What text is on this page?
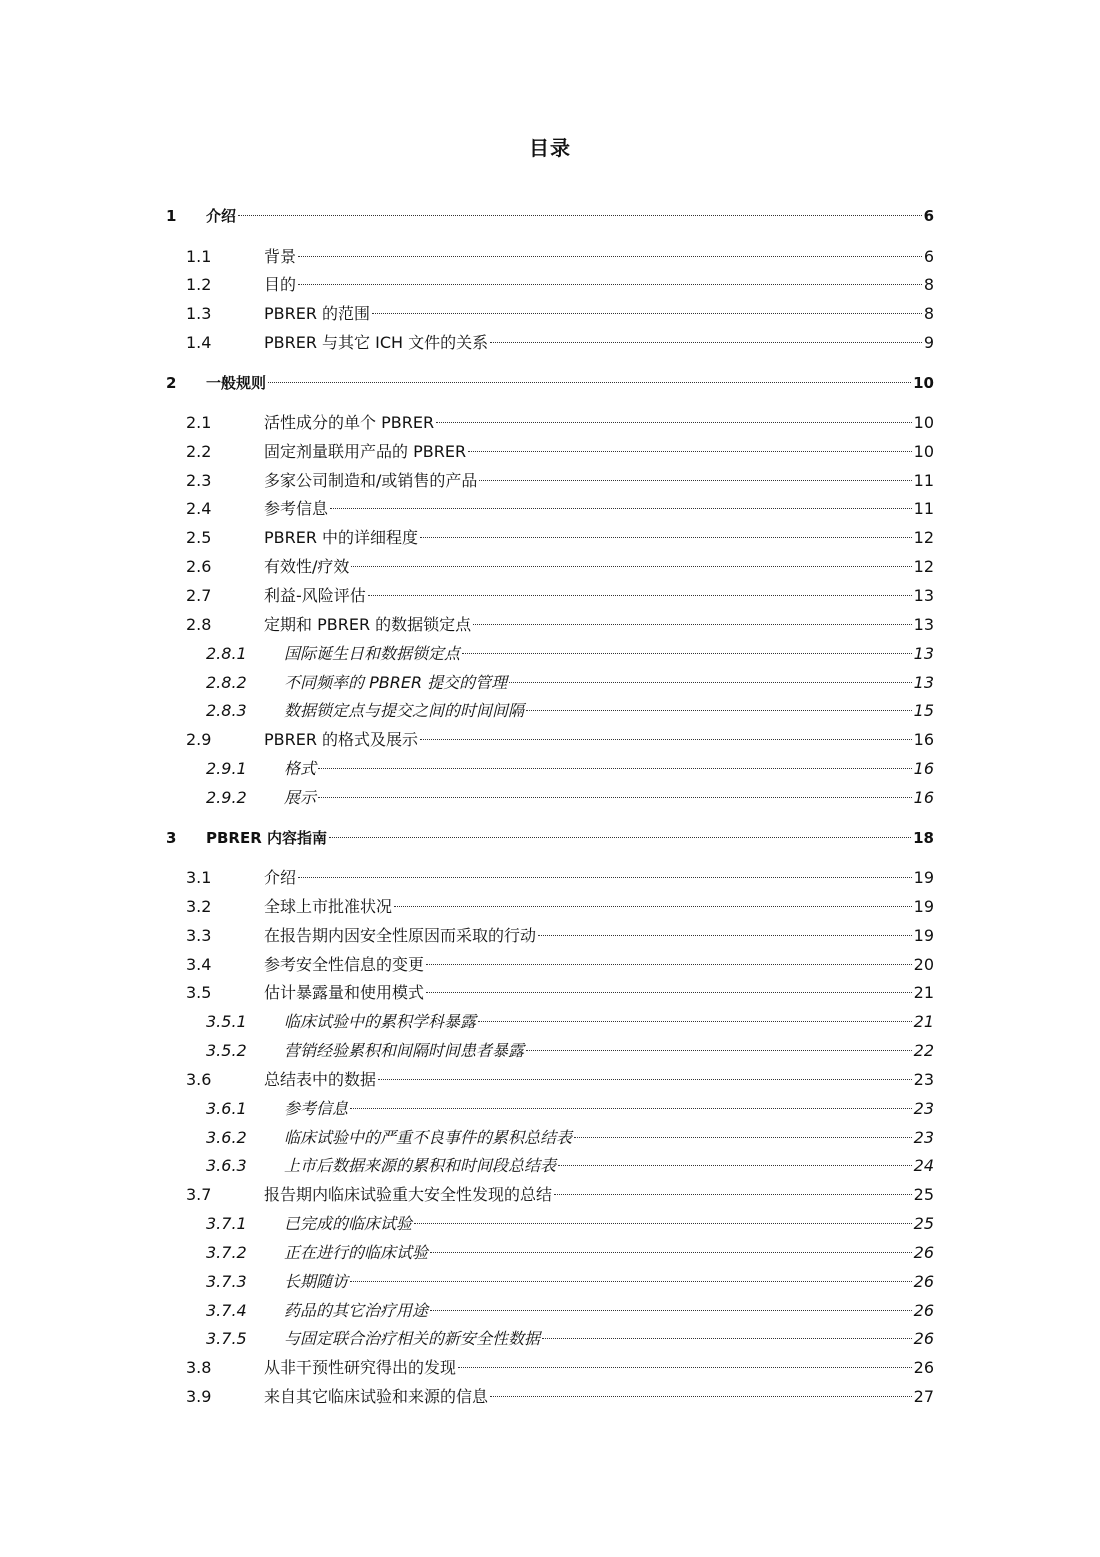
目录
1	介绍	6
1.1	背景	6
1.2	目的	8
1.3	PBRER 的范围	8
1.4	PBRER 与其它 ICH 文件的关系	9
2	一般规则	10
2.1	活性成分的单个 PBRER	10
2.2	固定剂量联用产品的 PBRER	10
2.3	多家公司制造和/或销售的产品	11
2.4	参考信息	11
2.5	PBRER 中的详细程度	12
2.6	有效性/疗效	12
2.7	利益-风险评估	13
2.8	定期和 PBRER 的数据锁定点	13
2.8.1	国际诞生日和数据锁定点	13
2.8.2	不同频率的 PBRER 提交的管理	13
2.8.3	数据锁定点与提交之间的时间间隔	15
2.9	PBRER 的格式及展示	16
2.9.1	格式	16
2.9.2	展示	16
3	PBRER 内容指南	18
3.1	介绍	19
3.2	全球上市批准状况	19
3.3	在报告期内因安全性原因而采取的行动	19
3.4	参考安全性信息的变更	20
3.5	估计暴露量和使用模式	21
3.5.1	临床试验中的累积学科暴露	21
3.5.2	营销经验累积和间隔时间患者暴露	22
3.6	总结表中的数据	23
3.6.1	参考信息	23
3.6.2	临床试验中的严重不良事件的累积总结表	23
3.6.3	上市后数据来源的累积和时间段总结表	24
3.7	报告期内临床试验重大安全性发现的总结	25
3.7.1	已完成的临床试验	25
3.7.2	正在进行的临床试验	26
3.7.3	长期随访	26
3.7.4	药品的其它治疗用途	26
3.7.5	与固定联合治疗相关的新安全性数据	26
3.8	从非干预性研究得出的发现	26
3.9	来自其它临床试验和来源的信息	27
